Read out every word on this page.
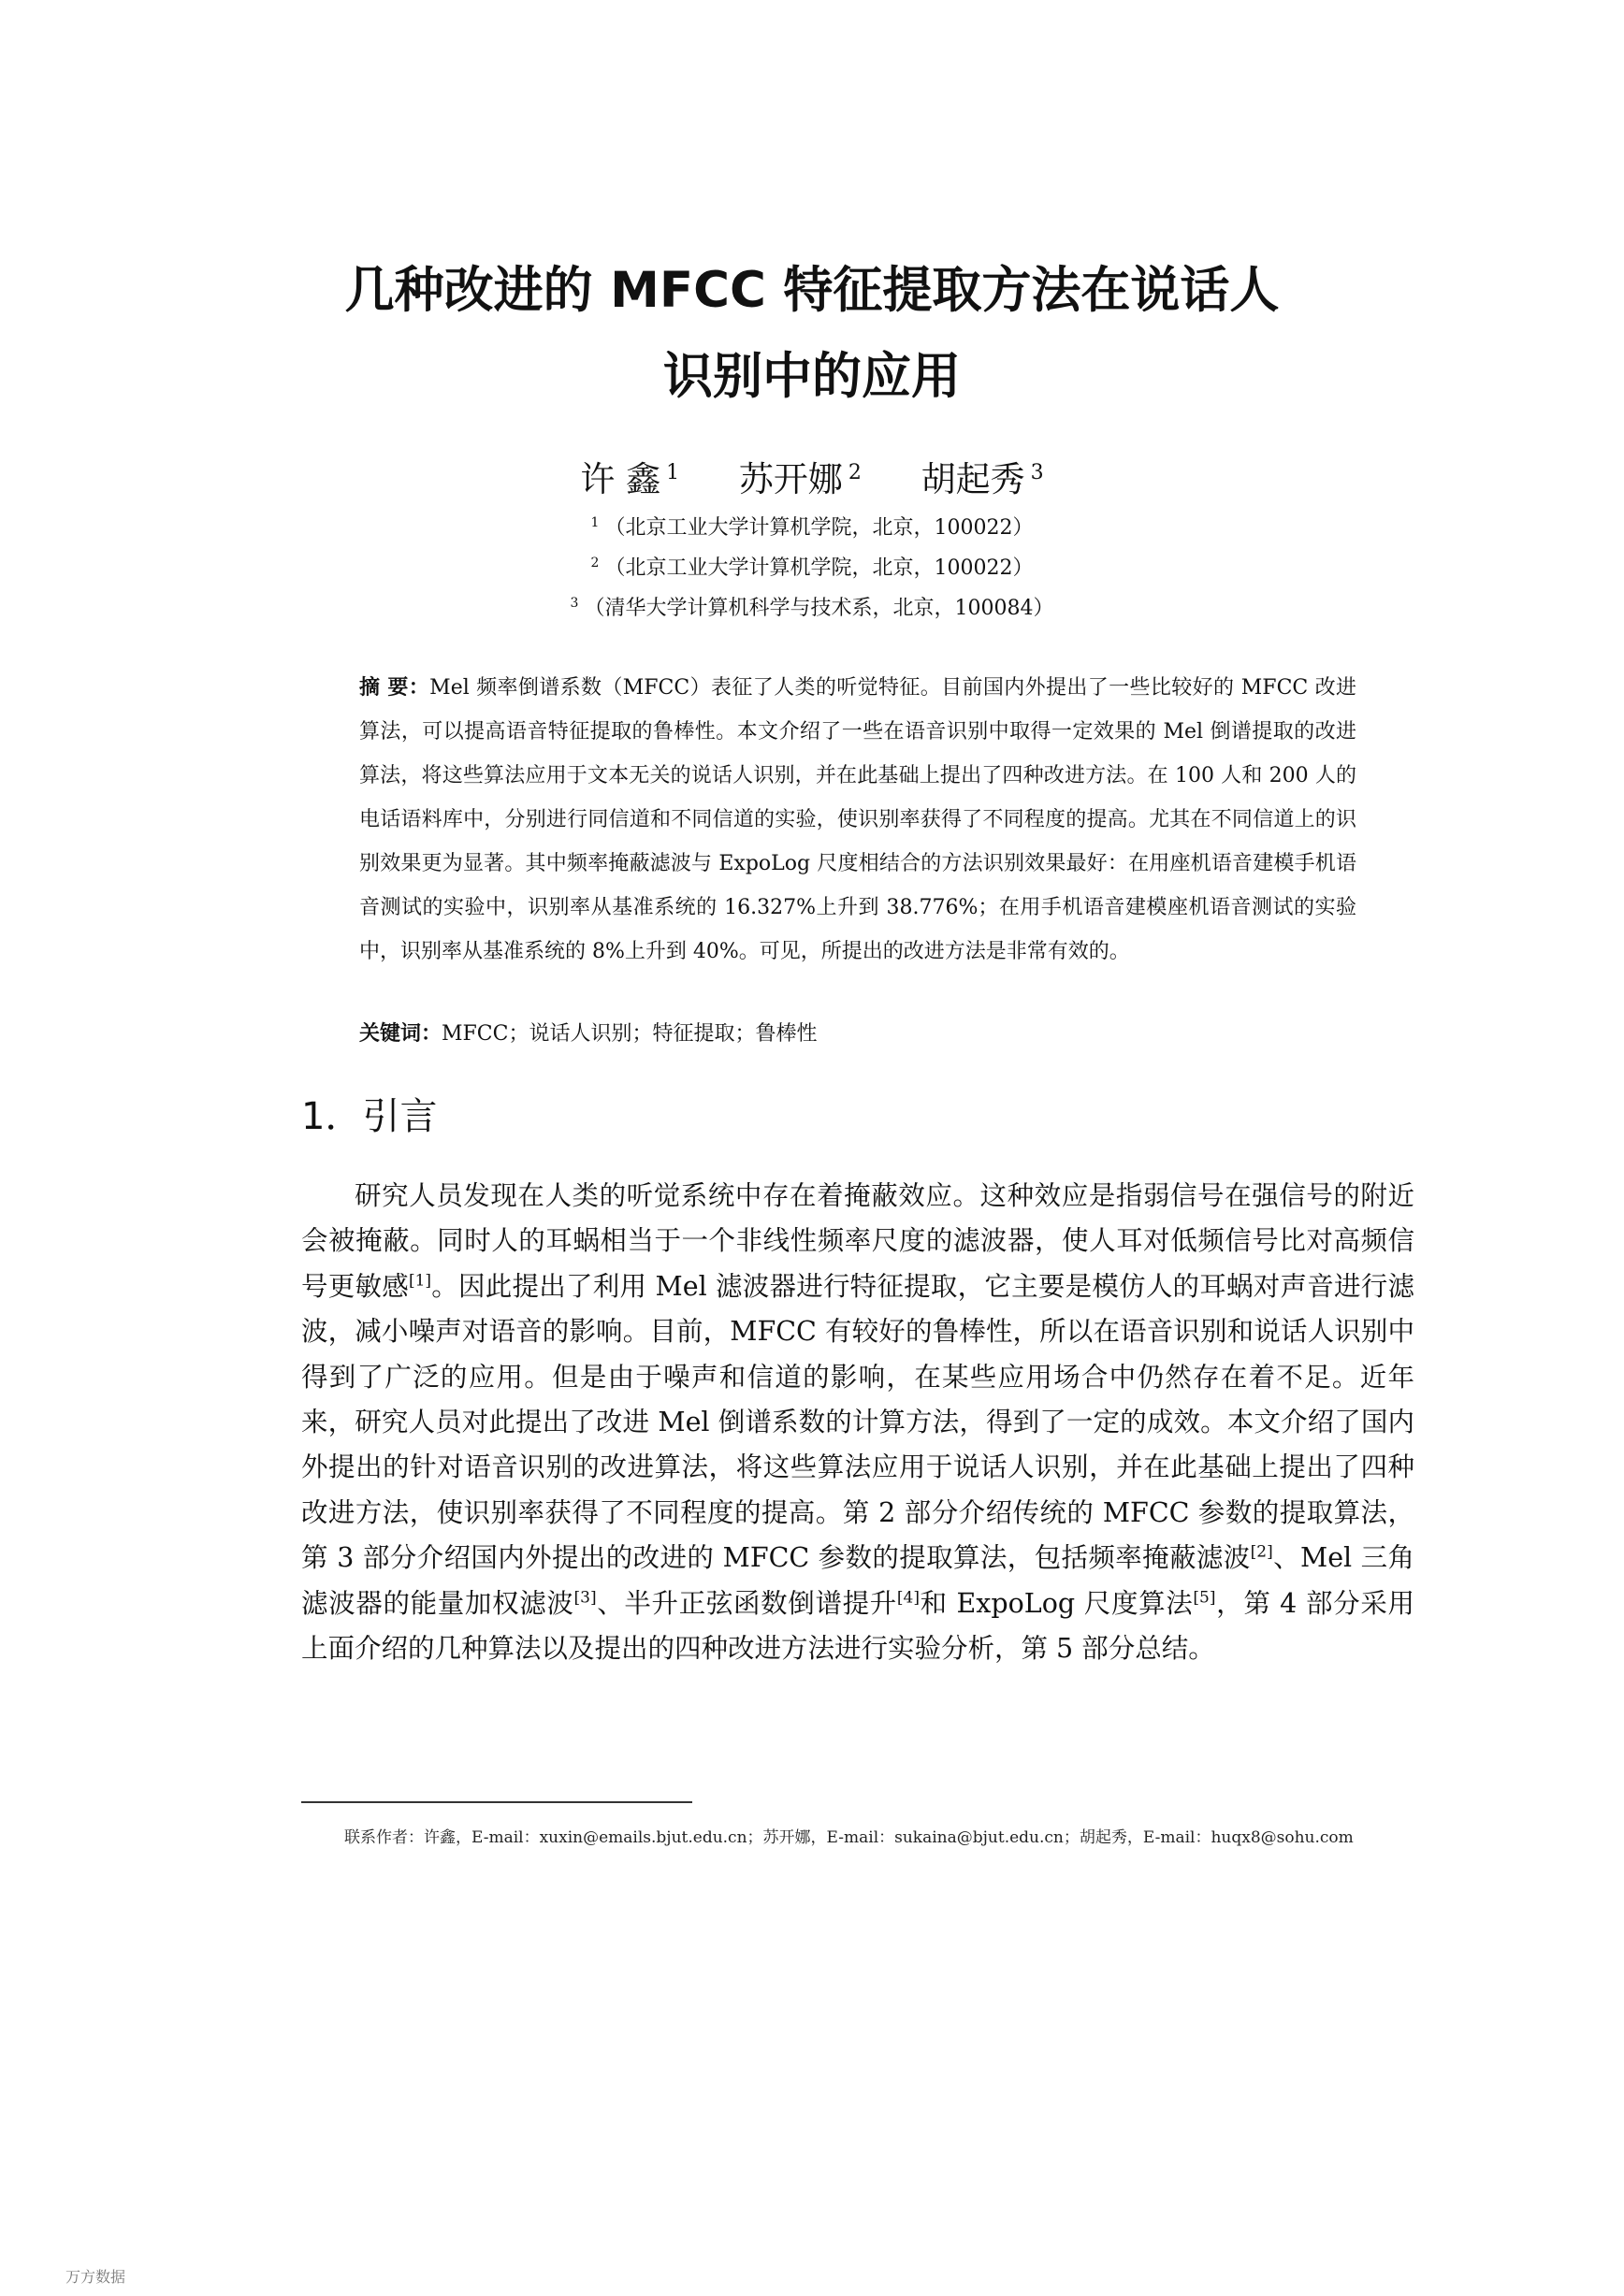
几种改进的 MFCC 特征提取方法在说话人
识别中的应用
许 鑫 $^1$ 苏开娜 $^2$ 胡起秀 $^3$
$^1$ （北京工业大学计算机学院，北京，100022）
$^2$ （北京工业大学计算机学院，北京，100022）
$^3$ （清华大学计算机科学与技术系，北京，100084）
摘 要：Mel 频率倒谱系数（MFCC）表征了人类的听觉特征。目前国内外提出了一些比较好的 MFCC 改进算法，可以提高语音特征提取的鲁棒性。本文介绍了一些在语音识别中取得一定效果的 Mel 倒谱提取的改进算法，将这些算法应用于文本无关的说话人识别，并在此基础上提出了四种改进方法。在 100 人和 200 人的电话语料库中，分别进行同信道和不同信道的实验，使识别率获得了不同程度的提高。尤其在不同信道上的识别效果更为显著。其中频率掩蔽滤波与 ExpoLog 尺度相结合的方法识别效果最好：在用座机语音建模手机语音测试的实验中，识别率从基准系统的 16.327%上升到 38.776%；在用手机语音建模座机语音测试的实验中，识别率从基准系统的 8%上升到 40%。可见，所提出的改进方法是非常有效的。
关键词：MFCC；说话人识别；特征提取；鲁棒性
1．引言
研究人员发现在人类的听觉系统中存在着掩蔽效应。这种效应是指弱信号在强信号的附近会被掩蔽。同时人的耳蜗相当于一个非线性频率尺度的滤波器，使人耳对低频信号比对高频信号更敏感[1]。因此提出了利用 Mel 滤波器进行特征提取，它主要是模仿人的耳蜗对声音进行滤波，减小噪声对语音的影响。目前，MFCC 有较好的鲁棒性，所以在语音识别和说话人识别中得到了广泛的应用。但是由于噪声和信道的影响，在某些应用场合中仍然存在着不足。近年来，研究人员对此提出了改进 Mel 倒谱系数的计算方法，得到了一定的成效。本文介绍了国内外提出的针对语音识别的改进算法，将这些算法应用于说话人识别，并在此基础上提出了四种改进方法，使识别率获得了不同程度的提高。第 2 部分介绍传统的 MFCC 参数的提取算法，第 3 部分介绍国内外提出的改进的 MFCC 参数的提取算法，包括频率掩蔽滤波[2]、Mel 三角滤波器的能量加权滤波[3]、半升正弦函数倒谱提升[4]和 ExpoLog 尺度算法[5]，第 4 部分采用上面介绍的几种算法以及提出的四种改进方法进行实验分析，第 5 部分总结。
联系作者：许鑫，E-mail：xuxin@emails.bjut.edu.cn；苏开娜，E-mail：sukaina@bjut.edu.cn；胡起秀，E-mail：huqx8@sohu.com
万方数据
